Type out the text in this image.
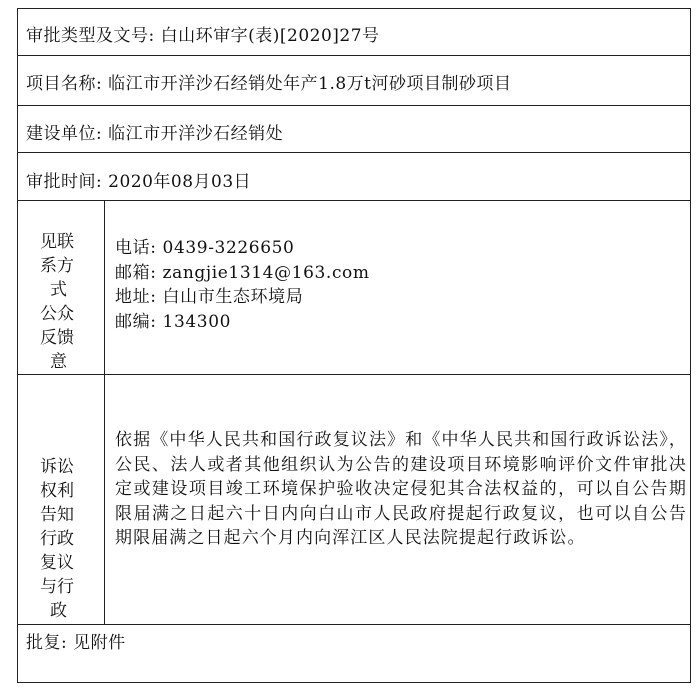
审批类型及文号: 白山环审字(表)[2020]27号
项目名称: 临江市开洋沙石经销处年产1.8万t河砂项目制砂项目
建设单位: 临江市开洋沙石经销处
审批时间: 2020年08月03日
见联
系方
式
公众
反馈
意
电话: 0439-3226650
邮箱: zangjie1314@163.com
地址: 白山市生态环境局
邮编: 134300
诉讼
权利
告知
行政
复议
与行
政
依据《中华人民共和国行政复议法》和《中华人民共和国行政诉讼法》，公民、法人或者其他组织认为公告的建设项目环境影响评价文件审批决定或建设项目竣工环境保护验收决定侵犯其合法权益的，可以自公告期限届满之日起六十日内向白山市人民政府提起行政复议，也可以自公告期限届满之日起六个月内向浑江区人民法院提起行政诉讼。
批复: 见附件
